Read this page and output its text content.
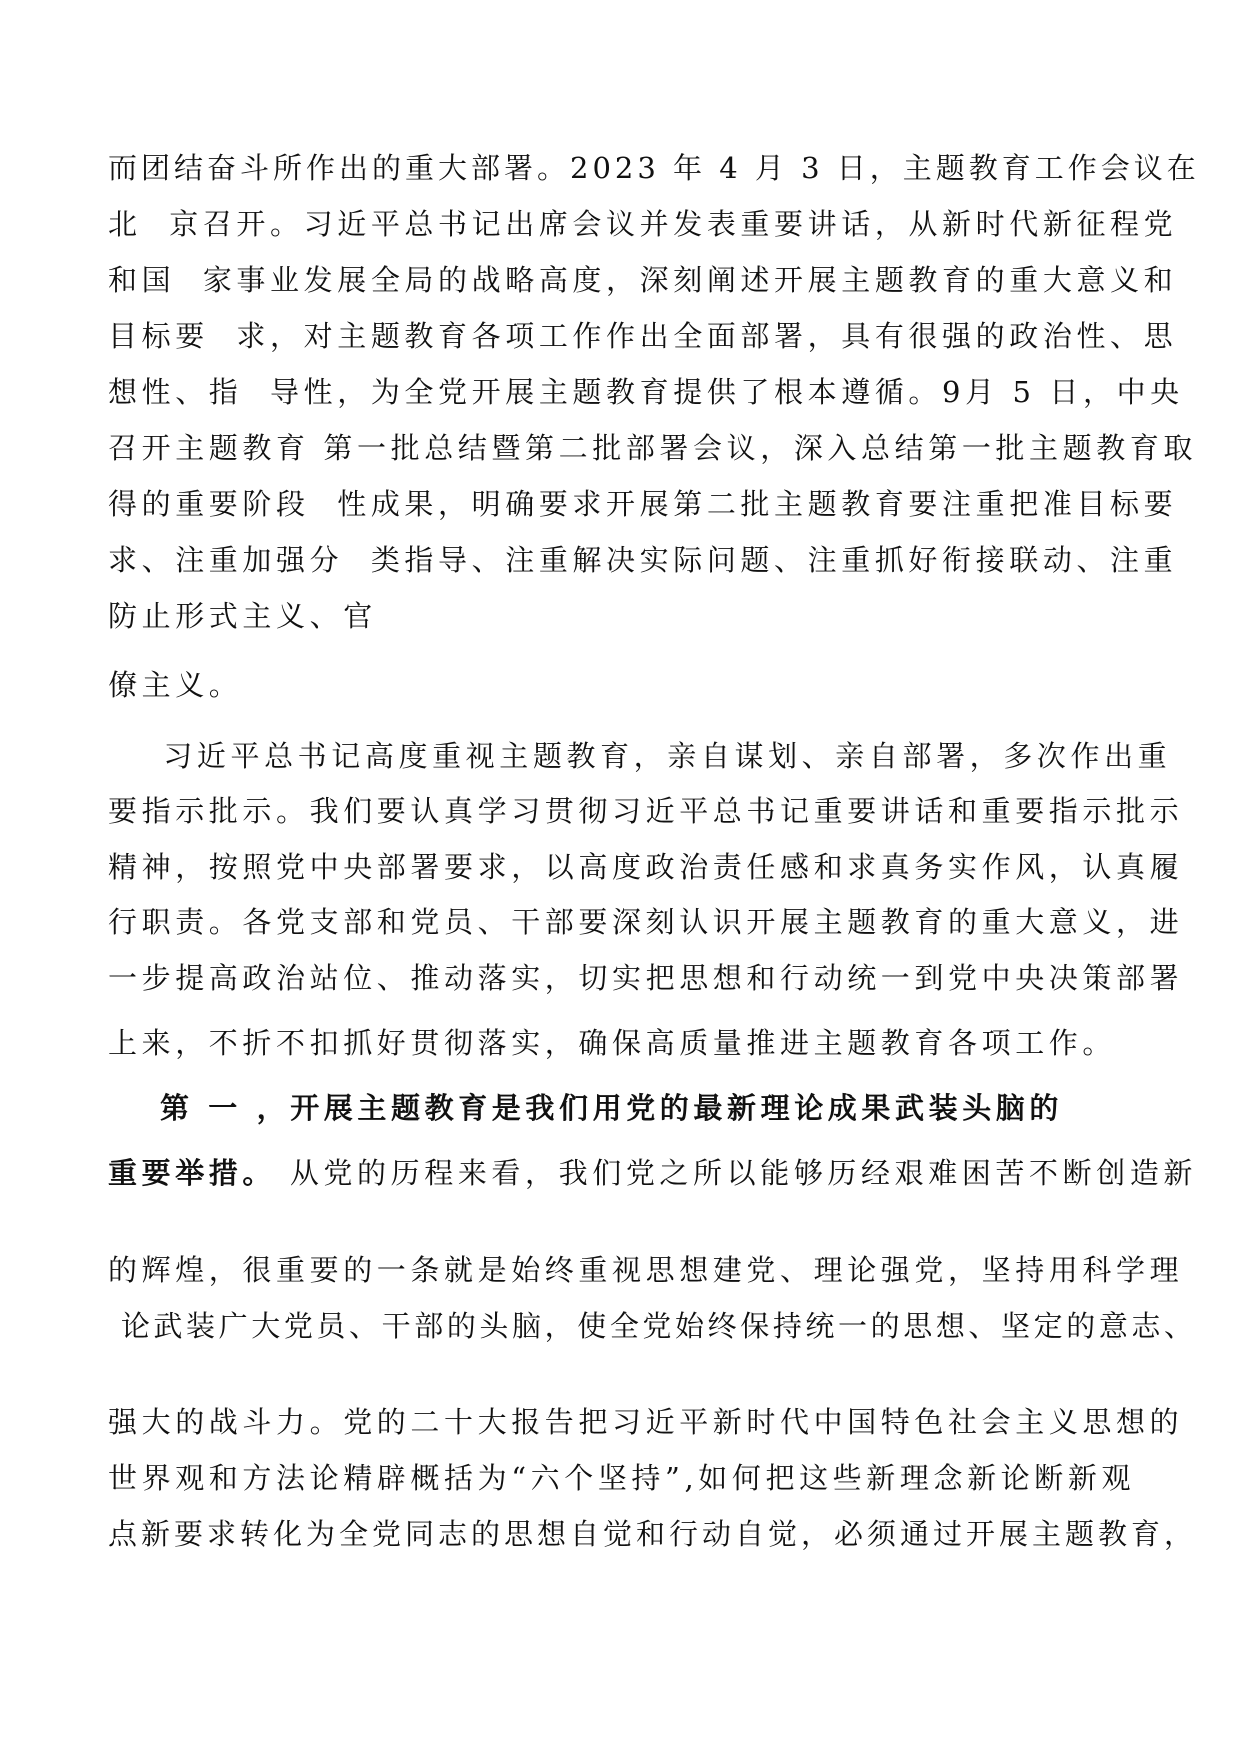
而团结奋斗所作出的重大部署。2023 年 4 月 3 日，主题教育工作会议在

北  京召开。习近平总书记出席会议并发表重要讲话，从新时代新征程党

和国  家事业发展全局的战略高度，深刻阐述开展主题教育的重大意义和

目标要  求，对主题教育各项工作作出全面部署，具有很强的政治性、思

想性、指  导性，为全党开展主题教育提供了根本遵循。9月 5 日，中央

召开主题教育 第一批总结暨第二批部署会议，深入总结第一批主题教育取

得的重要阶段  性成果，明确要求开展第二批主题教育要注重把准目标要

求、注重加强分  类指导、注重解决实际问题、注重抓好衔接联动、注重

防止形式主义、官

僚主义。

习近平总书记高度重视主题教育，亲自谋划、亲自部署，多次作出重

要指示批示。我们要认真学习贯彻习近平总书记重要讲话和重要指示批示

精神，按照党中央部署要求，以高度政治责任感和求真务实作风，认真履

行职责。各党支部和党员、干部要深刻认识开展主题教育的重大意义，进

一步提高政治站位、推动落实，切实把思想和行动统一到党中央决策部署

上来，不折不扣抓好贯彻落实，确保高质量推进主题教育各项工作。

第 一 ，开展主题教育是我们用党的最新理论成果武装头脑的

重要举措。 从党的历程来看，我们党之所以能够历经艰难困苦不断创造新

的辉煌，很重要的一条就是始终重视思想建党、理论强党，坚持用科学理

论武装广大党员、干部的头脑，使全党始终保持统一的思想、坚定的意志、

强大的战斗力。党的二十大报告把习近平新时代中国特色社会主义思想的

世界观和方法论精辟概括为“六个坚持”,如何把这些新理念新论断新观

点新要求转化为全党同志的思想自觉和行动自觉，必须通过开展主题教育，
